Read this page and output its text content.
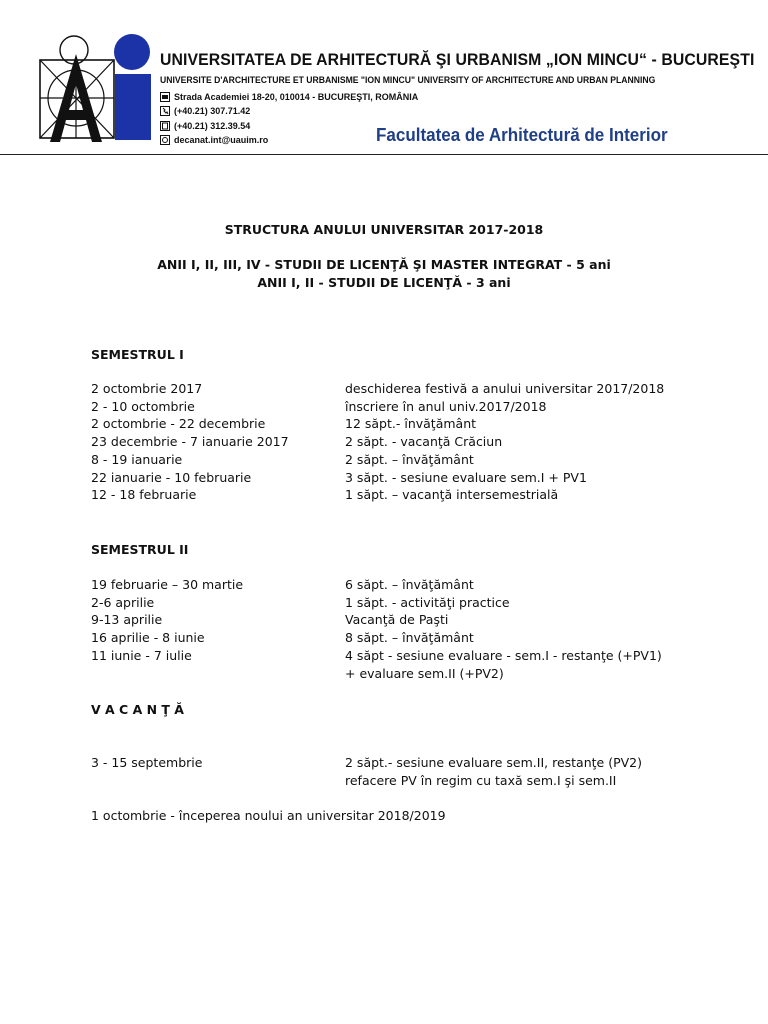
UNIVERSITATEA DE ARHITECTURĂ ŞI URBANISM „ION MINCU“ - BUCUREŞTI
UNIVERSITE D'ARCHITECTURE ET URBANISME "ION MINCU" UNIVERSITY OF ARCHITECTURE AND URBAN PLANNING
Strada Academiei 18-20, 010014 - BUCUREŞTI, ROMÂNIA
(+40.21) 307.71.42
(+40.21) 312.39.54
decanat.int@uauim.ro	Facultatea de Arhitectură de Interior
STRUCTURA ANULUI UNIVERSITAR 2017-2018
ANII I, II, III, IV - STUDII DE LICENŢĂ ŞI MASTER INTEGRAT - 5 ani
ANII I, II - STUDII DE LICENŢĂ - 3 ani
SEMESTRUL I
2 octombrie 2017	deschiderea festivă a anului universitar 2017/2018
2 - 10 octombrie	înscriere în anul univ.2017/2018
2 octombrie - 22 decembrie	12 săpt.- învăţământ
23 decembrie - 7 ianuarie 2017	2 săpt. - vacanţă Crăciun
8 - 19 ianuarie	2 săpt. – învăţământ
22 ianuarie - 10 februarie	3 săpt. - sesiune evaluare sem.I + PV1
12 - 18 februarie	1 săpt. – vacanţă intersemestrială
SEMESTRUL II
19 februarie – 30 martie	6 săpt. – învăţământ
2-6 aprilie	1 săpt. - activităţi practice
9-13 aprilie	Vacanţă de Paşti
16 aprilie - 8 iunie	8 săpt. – învăţământ
11 iunie - 7 iulie	4 săpt - sesiune evaluare - sem.I - restanţe (+PV1) + evaluare sem.II (+PV2)
V A C A N Ţ Ă
3 - 15 septembrie	2 săpt.- sesiune evaluare sem.II, restanţe (PV2) refacere PV în regim cu taxă sem.I şi sem.II
1 octombrie - începerea noului an universitar 2018/2019
